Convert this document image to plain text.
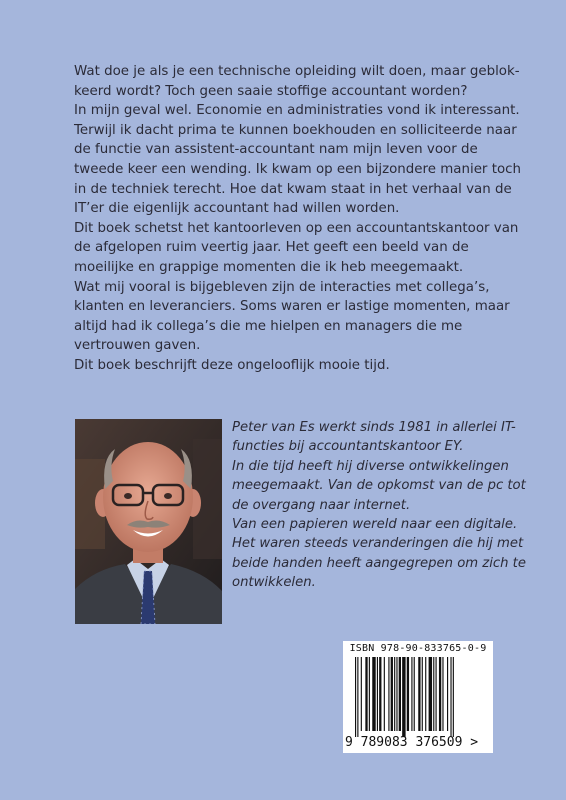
Wat doe je als je een technische opleiding wilt doen, maar geblok-keerd wordt? Toch geen saaie stoffige accountant worden?

In mijn geval wel. Economie en administraties vond ik interessant.

Terwijl ik dacht prima te kunnen boekhouden en solliciteerde naar de functie van assistent-accountant nam mijn leven voor de tweede keer een wending. Ik kwam op een bijzondere manier toch in de techniek terecht. Hoe dat kwam staat in het verhaal van de IT’er die eigenlijk accountant had willen worden.

Dit boek schetst het kantoorleven op een accountantskantoor van de afgelopen ruim veertig jaar. Het geeft een beeld van de moeilijke en grappige momenten die ik heb meegemaakt.

Wat mij vooral is bijgebleven zijn de interacties met collega’s, klanten en leveranciers. Soms waren er lastige momenten, maar altijd had ik collega’s die me hielpen en managers die me vertrouwen gaven.

Dit boek beschrijft deze ongelooflijk mooie tijd.

Peter van Es werkt sinds 1981 in allerlei IT-functies bij accountantskantoor EY.

In die tijd heeft hij diverse ontwikkelingen meegemaakt. Van de opkomst van de pc tot de overgang naar internet.

Van een papieren wereld naar een digitale. Het waren steeds veranderingen die hij met beide handen heeft aangegrepen om zich te ontwikkelen.

ISBN 978-90-833765-0-9
9 789083 376509 >
